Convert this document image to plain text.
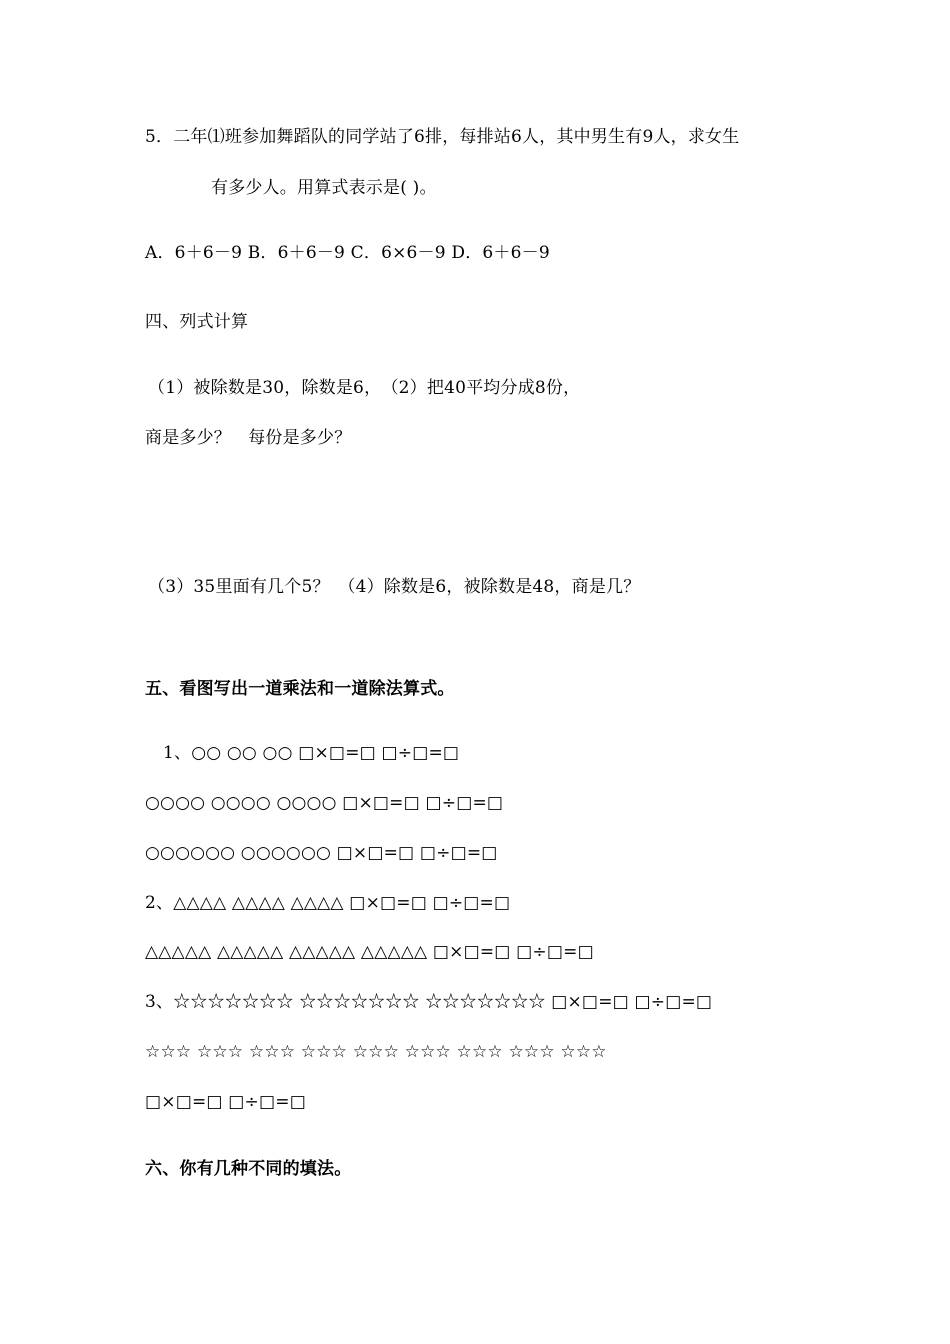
5．二年⑴班参加舞蹈队的同学站了6排，每排站6人，其中男生有9人，求女生
有多少人。用算式表示是( )。
A．6＋6－9 B．6＋6－9 C．6×6－9 D．6＋6－9
四、列式计算
（1）被除数是30，除数是6，　（2）把40平均分成8份，
商是多少？　每份是多少？
（3）35里面有几个5？　（4）除数是6，被除数是48，商是几？
五、看图写出一道乘法和一道除法算式。
1、○○ ○○ ○○ □×□=□ □÷□=□
○○○○ ○○○○ ○○○○ □×□=□ □÷□=□
○○○○○○ ○○○○○○ □×□=□ □÷□=□
2、△△△△ △△△△ △△△△ □×□=□ □÷□=□
△△△△△ △△△△△ △△△△△ △△△△△ □×□=□ □÷□=□
3、☆☆☆☆☆☆☆ ☆☆☆☆☆☆☆ ☆☆☆☆☆☆☆ □×□=□ □÷□=□
☆☆☆ ☆☆☆ ☆☆☆ ☆☆☆ ☆☆☆ ☆☆☆ ☆☆☆ ☆☆☆ ☆☆☆
□×□=□ □÷□=□
六、你有几种不同的填法。
